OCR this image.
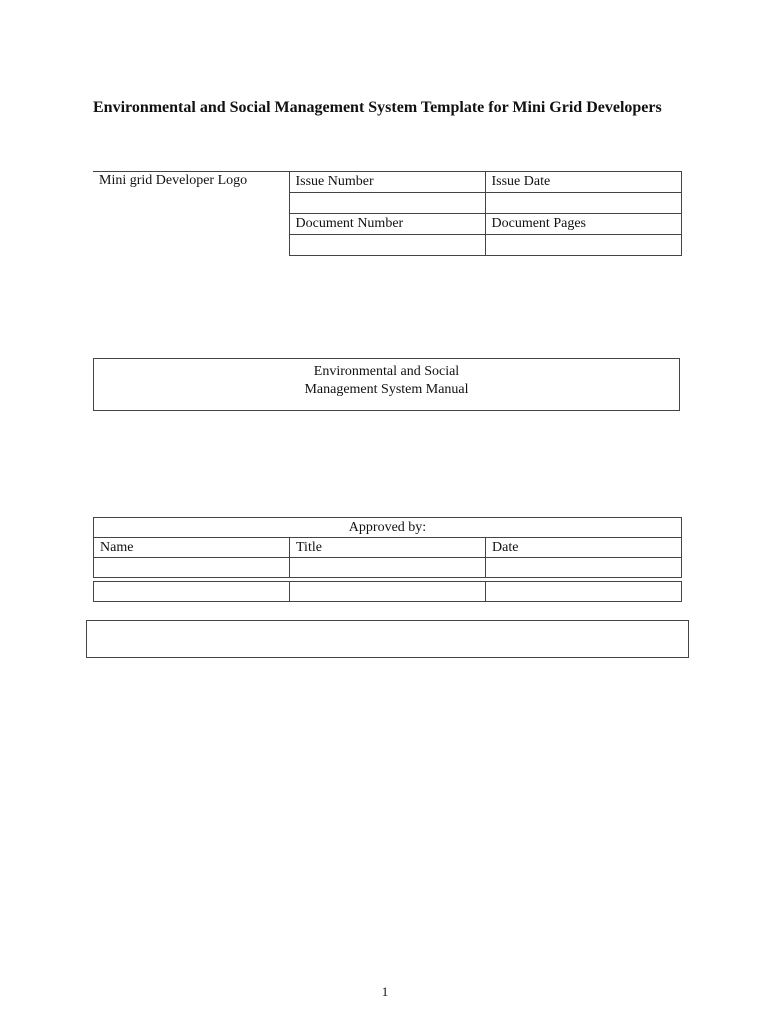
Environmental and Social Management System Template for Mini Grid Developers
Mini grid Developer Logo	Issue Number	Issue Date

	Document Number	Document Pages

Environmental and Social
Management System Manual
Approved by:		
Name	Title	Date

1
